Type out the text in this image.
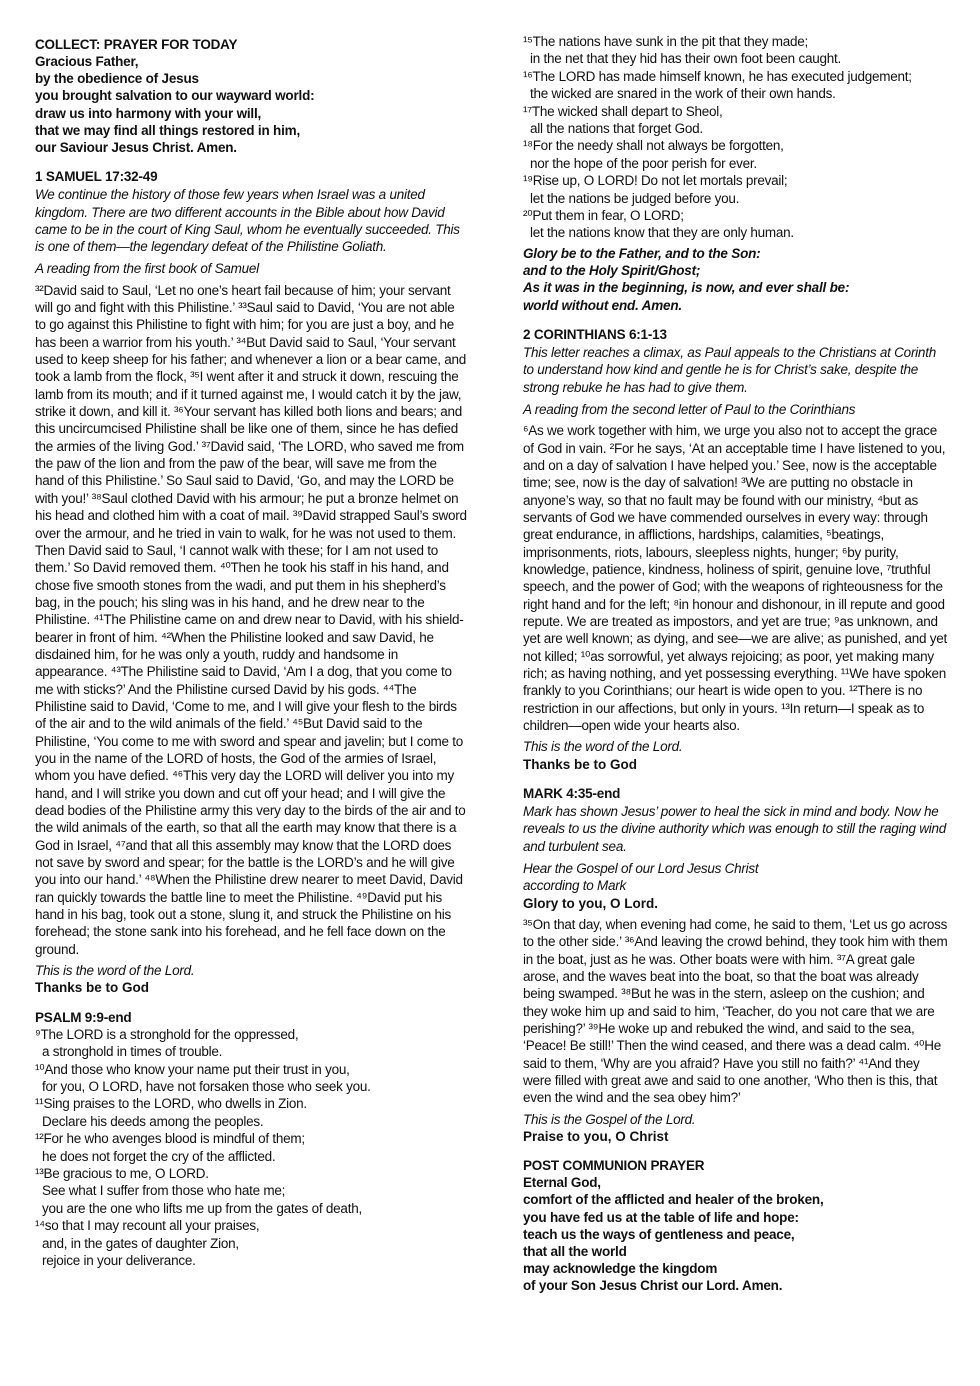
COLLECT: PRAYER FOR TODAY
Gracious Father,
by the obedience of Jesus
you brought salvation to our wayward world:
draw us into harmony with your will,
that we may find all things restored in him,
our Saviour Jesus Christ. Amen.
1 SAMUEL 17:32-49
We continue the history of those few years when Israel was a united kingdom. There are two different accounts in the Bible about how David came to be in the court of King Saul, whom he eventually succeeded. This is one of them—the legendary defeat of the Philistine Goliath.
A reading from the first book of Samuel
³²David said to Saul, ‘Let no one’s heart fail because of him; your servant will go and fight with this Philistine.’ ³³Saul said to David, ‘You are not able to go against this Philistine to fight with him; for you are just a boy, and he has been a warrior from his youth.’ ³⁴But David said to Saul, ‘Your servant used to keep sheep for his father; and whenever a lion or a bear came, and took a lamb from the flock, ³⁵I went after it and struck it down, rescuing the lamb from its mouth; and if it turned against me, I would catch it by the jaw, strike it down, and kill it. ³⁶Your servant has killed both lions and bears; and this uncircumcised Philistine shall be like one of them, since he has defied the armies of the living God.’ ³⁷David said, ‘The LORD, who saved me from the paw of the lion and from the paw of the bear, will save me from the hand of this Philistine.’ So Saul said to David, ‘Go, and may the LORD be with you!’ ³⁸Saul clothed David with his armour; he put a bronze helmet on his head and clothed him with a coat of mail. ³⁹David strapped Saul’s sword over the armour, and he tried in vain to walk, for he was not used to them. Then David said to Saul, ‘I cannot walk with these; for I am not used to them.’ So David removed them. ⁴⁰Then he took his staff in his hand, and chose five smooth stones from the wadi, and put them in his shepherd’s bag, in the pouch; his sling was in his hand, and he drew near to the Philistine. ⁴¹The Philistine came on and drew near to David, with his shield-bearer in front of him. ⁴²When the Philistine looked and saw David, he disdained him, for he was only a youth, ruddy and handsome in appearance. ⁴³The Philistine said to David, ‘Am I a dog, that you come to me with sticks?’ And the Philistine cursed David by his gods. ⁴⁴The Philistine said to David, ‘Come to me, and I will give your flesh to the birds of the air and to the wild animals of the field.’ ⁴⁵But David said to the Philistine, ‘You come to me with sword and spear and javelin; but I come to you in the name of the LORD of hosts, the God of the armies of Israel, whom you have defied. ⁴⁶This very day the LORD will deliver you into my hand, and I will strike you down and cut off your head; and I will give the dead bodies of the Philistine army this very day to the birds of the air and to the wild animals of the earth, so that all the earth may know that there is a God in Israel, ⁴⁷and that all this assembly may know that the LORD does not save by sword and spear; for the battle is the LORD’s and he will give you into our hand.’ ⁴⁸When the Philistine drew nearer to meet David, David ran quickly towards the battle line to meet the Philistine. ⁴⁹David put his hand in his bag, took out a stone, slung it, and struck the Philistine on his forehead; the stone sank into his forehead, and he fell face down on the ground.
This is the word of the Lord.
Thanks be to God
PSALM 9:9-end
⁹The LORD is a stronghold for the oppressed,
a stronghold in times of trouble.
¹⁰And those who know your name put their trust in you,
for you, O LORD, have not forsaken those who seek you.
¹¹Sing praises to the LORD, who dwells in Zion.
Declare his deeds among the peoples.
¹²For he who avenges blood is mindful of them;
he does not forget the cry of the afflicted.
¹³Be gracious to me, O LORD.
See what I suffer from those who hate me;
you are the one who lifts me up from the gates of death,
¹⁴so that I may recount all your praises,
and, in the gates of daughter Zion,
rejoice in your deliverance.
¹⁵The nations have sunk in the pit that they made;
in the net that they hid has their own foot been caught.
¹⁶The LORD has made himself known, he has executed judgement;
the wicked are snared in the work of their own hands.
¹⁷The wicked shall depart to Sheol,
all the nations that forget God.
¹⁸For the needy shall not always be forgotten,
nor the hope of the poor perish for ever.
¹⁹Rise up, O LORD! Do not let mortals prevail;
let the nations be judged before you.
²⁰Put them in fear, O LORD;
let the nations know that they are only human.
Glory be to the Father, and to the Son:
and to the Holy Spirit/Ghost;
As it was in the beginning, is now, and ever shall be:
world without end. Amen.
2 CORINTHIANS 6:1-13
This letter reaches a climax, as Paul appeals to the Christians at Corinth to understand how kind and gentle he is for Christ’s sake, despite the strong rebuke he has had to give them.
A reading from the second letter of Paul to the Corinthians
⁶As we work together with him, we urge you also not to accept the grace of God in vain. ²For he says, ‘At an acceptable time I have listened to you, and on a day of salvation I have helped you.’ See, now is the acceptable time; see, now is the day of salvation! ³We are putting no obstacle in anyone’s way, so that no fault may be found with our ministry, ⁴but as servants of God we have commended ourselves in every way: through great endurance, in afflictions, hardships, calamities, ⁵beatings, imprisonments, riots, labours, sleepless nights, hunger; ⁶by purity, knowledge, patience, kindness, holiness of spirit, genuine love, ⁷truthful speech, and the power of God; with the weapons of righteousness for the right hand and for the left; ⁸in honour and dishonour, in ill repute and good repute. We are treated as impostors, and yet are true; ⁹as unknown, and yet are well known; as dying, and see—we are alive; as punished, and yet not killed; ¹⁰as sorrowful, yet always rejoicing; as poor, yet making many rich; as having nothing, and yet possessing everything. ¹¹We have spoken frankly to you Corinthians; our heart is wide open to you. ¹²There is no restriction in our affections, but only in yours. ¹³In return—I speak as to children—open wide your hearts also.
This is the word of the Lord.
Thanks be to God
MARK 4:35-end
Mark has shown Jesus’ power to heal the sick in mind and body. Now he reveals to us the divine authority which was enough to still the raging wind and turbulent sea.
Hear the Gospel of our Lord Jesus Christ
according to Mark
Glory to you, O Lord.
³⁵On that day, when evening had come, he said to them, ‘Let us go across to the other side.’ ³⁶And leaving the crowd behind, they took him with them in the boat, just as he was. Other boats were with him. ³⁷A great gale arose, and the waves beat into the boat, so that the boat was already being swamped. ³⁸But he was in the stern, asleep on the cushion; and they woke him up and said to him, ‘Teacher, do you not care that we are perishing?’ ³⁹He woke up and rebuked the wind, and said to the sea, ‘Peace! Be still!’ Then the wind ceased, and there was a dead calm. ⁴⁰He said to them, ‘Why are you afraid? Have you still no faith?’ ⁴¹And they were filled with great awe and said to one another, ‘Who then is this, that even the wind and the sea obey him?’
This is the Gospel of the Lord.
Praise to you, O Christ
POST COMMUNION PRAYER
Eternal God,
comfort of the afflicted and healer of the broken,
you have fed us at the table of life and hope:
teach us the ways of gentleness and peace,
that all the world
may acknowledge the kingdom
of your Son Jesus Christ our Lord. Amen.
